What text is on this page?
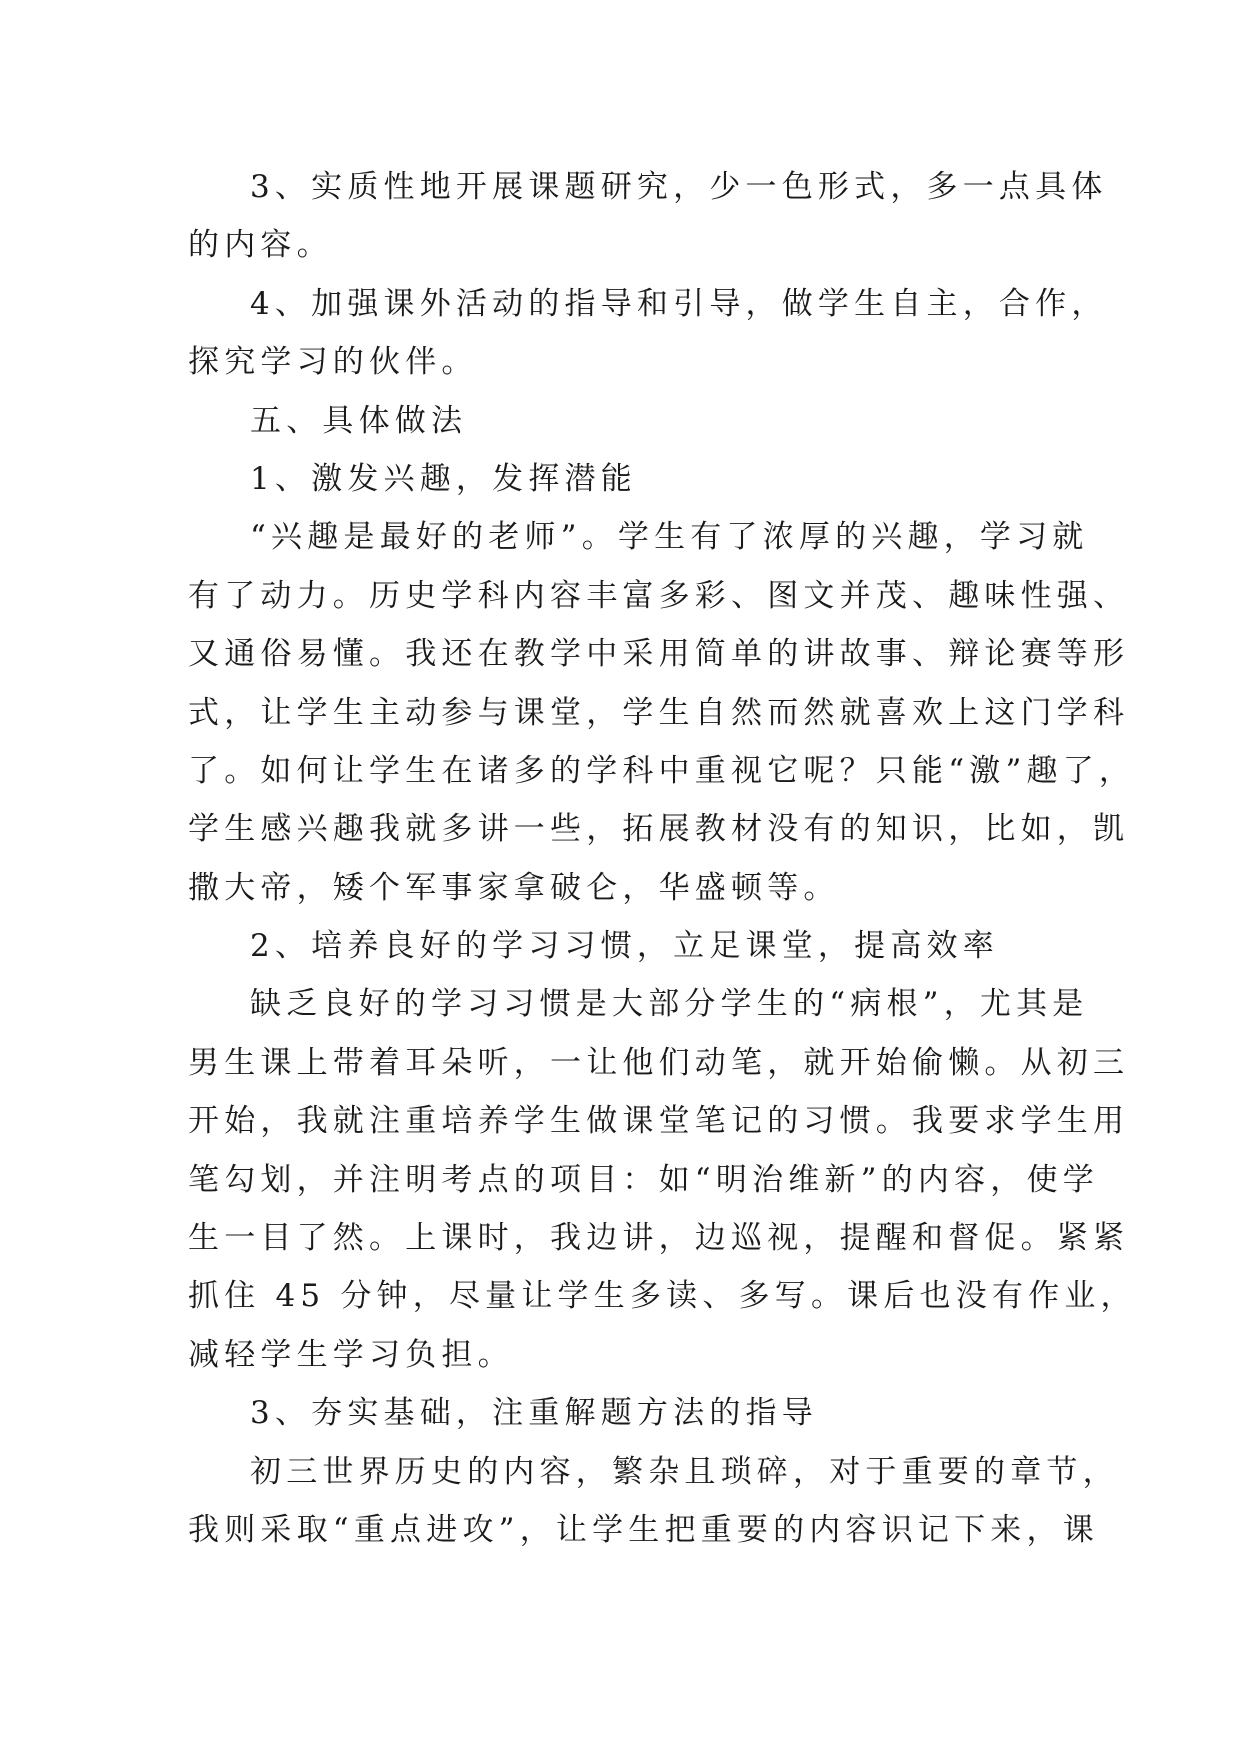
3、实质性地开展课题研究，少一色形式，多一点具体
的内容。
4、加强课外活动的指导和引导，做学生自主，合作，
探究学习的伙伴。
五、具体做法
1、激发兴趣，发挥潜能
“兴趣是最好的老师”。学生有了浓厚的兴趣，学习就
有了动力。历史学科内容丰富多彩、图文并茂、趣味性强、
又通俗易懂。我还在教学中采用简单的讲故事、辩论赛等形
式，让学生主动参与课堂，学生自然而然就喜欢上这门学科
了。如何让学生在诸多的学科中重视它呢？只能“激”趣了，
学生感兴趣我就多讲一些，拓展教材没有的知识，比如，凯
撒大帝，矮个军事家拿破仑，华盛顿等。
2、培养良好的学习习惯，立足课堂，提高效率
缺乏良好的学习习惯是大部分学生的“病根”，尤其是
男生课上带着耳朵听，一让他们动笔，就开始偷懒。从初三
开始，我就注重培养学生做课堂笔记的习惯。我要求学生用
笔勾划，并注明考点的项目：如“明治维新”的内容，使学
生一目了然。上课时，我边讲，边巡视，提醒和督促。紧紧
抓住 45 分钟，尽量让学生多读、多写。课后也没有作业，
减轻学生学习负担。
3、夯实基础，注重解题方法的指导
初三世界历史的内容，繁杂且琐碎，对于重要的章节，
我则采取“重点进攻”，让学生把重要的内容识记下来，课
